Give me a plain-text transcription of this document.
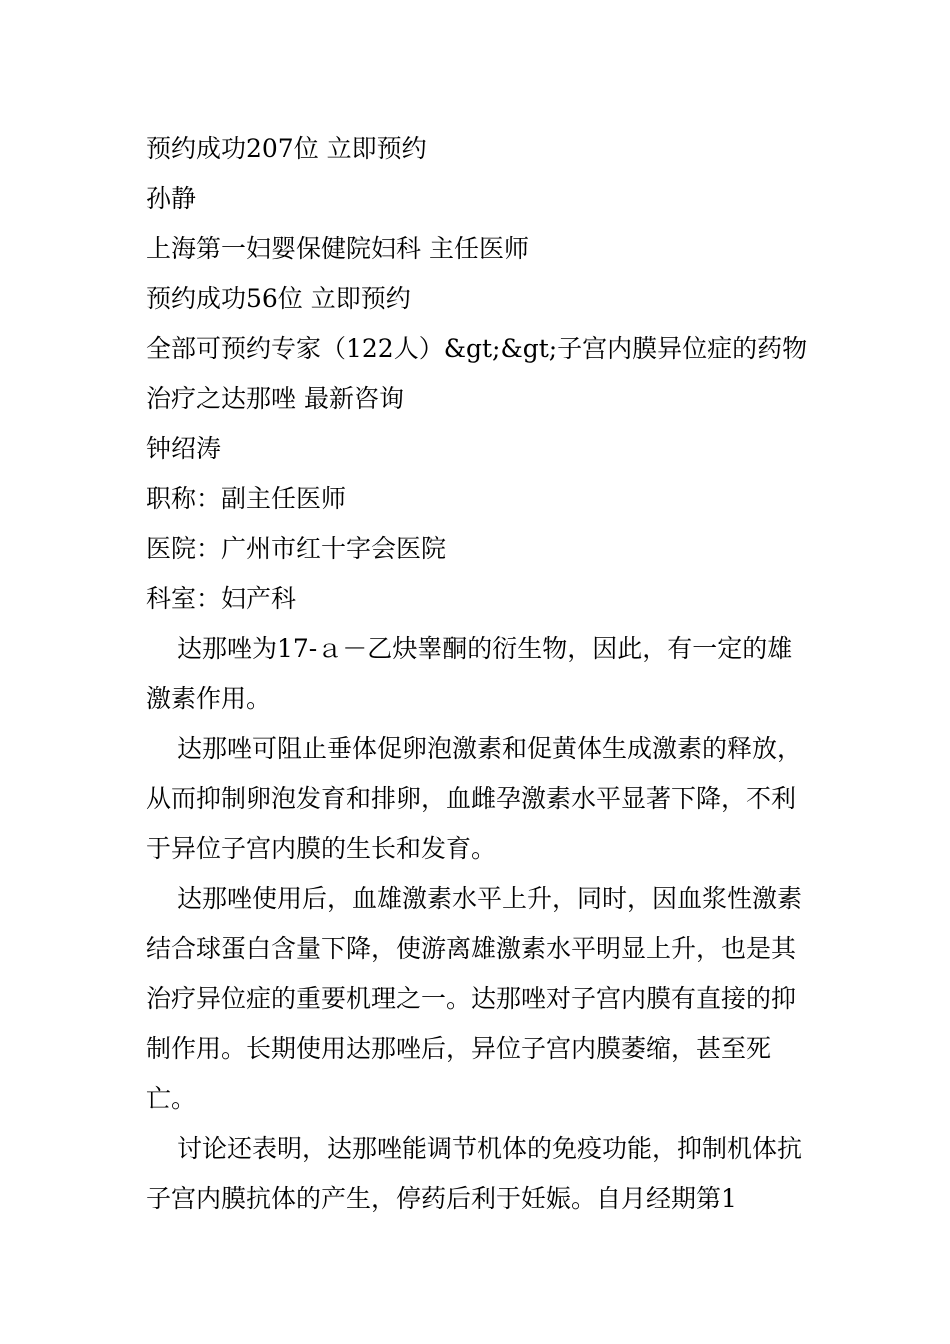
预约成功207位 立即预约

孙静

上海第一妇婴保健院妇科 主任医师

预约成功56位 立即预约

全部可预约专家（122人）&gt;&gt;子宫内膜异位症的药物

治疗之达那唑 最新咨询

钟绍涛

职称：副主任医师

医院：广州市红十字会医院

科室：妇产科

达那唑为17-ａ－乙炔睾酮的衍生物，因此，有一定的雄激素作用。

达那唑可阻止垂体促卵泡激素和促黄体生成激素的释放，从而抑制卵泡发育和排卵，血雌孕激素水平显著下降，不利于异位子宫内膜的生长和发育。

达那唑使用后，血雄激素水平上升，同时，因血浆性激素结合球蛋白含量下降，使游离雄激素水平明显上升，也是其治疗异位症的重要机理之一。达那唑对子宫内膜有直接的抑制作用。长期使用达那唑后，异位子宫内膜萎缩，甚至死亡。

讨论还表明，达那唑能调节机体的免疫功能，抑制机体抗子宫内膜抗体的产生，停药后利于妊娠。自月经期第1
